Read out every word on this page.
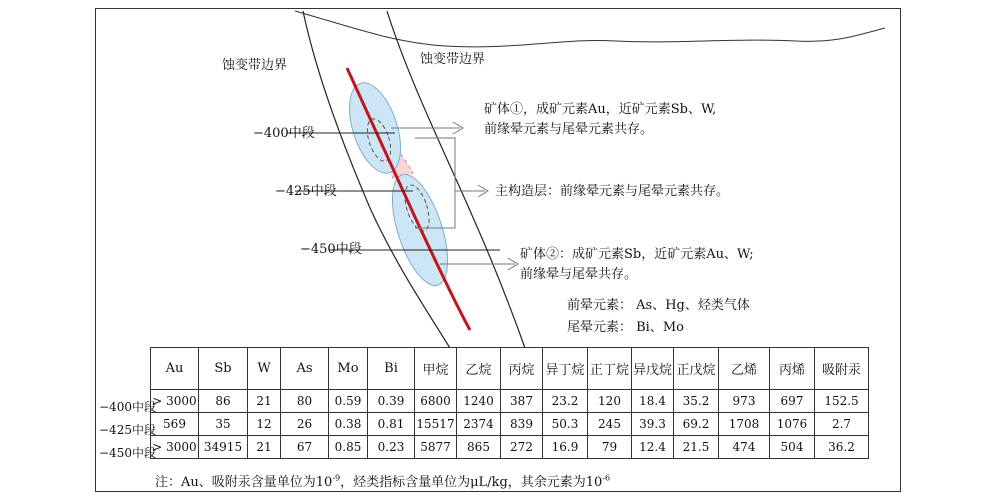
蚀变带边界	蚀变带边界
−400中段
−425中段
−450中段
矿体①，成矿元素Au，近矿元素Sb、W,
前缘晕元素与尾晕元素共存。
主构造层：前缘晕元素与尾晕元素共存。
矿体②：成矿元素Sb，近矿元素Au、W;
前缘晕与尾晕共存。
前晕元素： As、Hg、烃类气体
尾晕元素： Bi、Mo
Au	Sb	W	As	Mo	Bi	甲烷	乙烷	丙烷	异丁烷	正丁烷	异戊烷	正戊烷	乙烯	丙烯	吸附汞
> 3000	86	21	80	0.59	0.39	6800	1240	387	23.2	120	18.4	35.2	973	697	152.5
569	35	12	26	0.38	0.81	15517	2374	839	50.3	245	39.3	69.2	1708	1076	2.7
> 3000	34915	21	67	0.85	0.23	5877	865	272	16.9	79	12.4	21.5	474	504	36.2
−400中段
−425中段
−450中段
注：Au、吸附汞含量单位为$10^{-9}$，烃类指标含量单位为μL/kg，其余元素为$10^{-6}$
